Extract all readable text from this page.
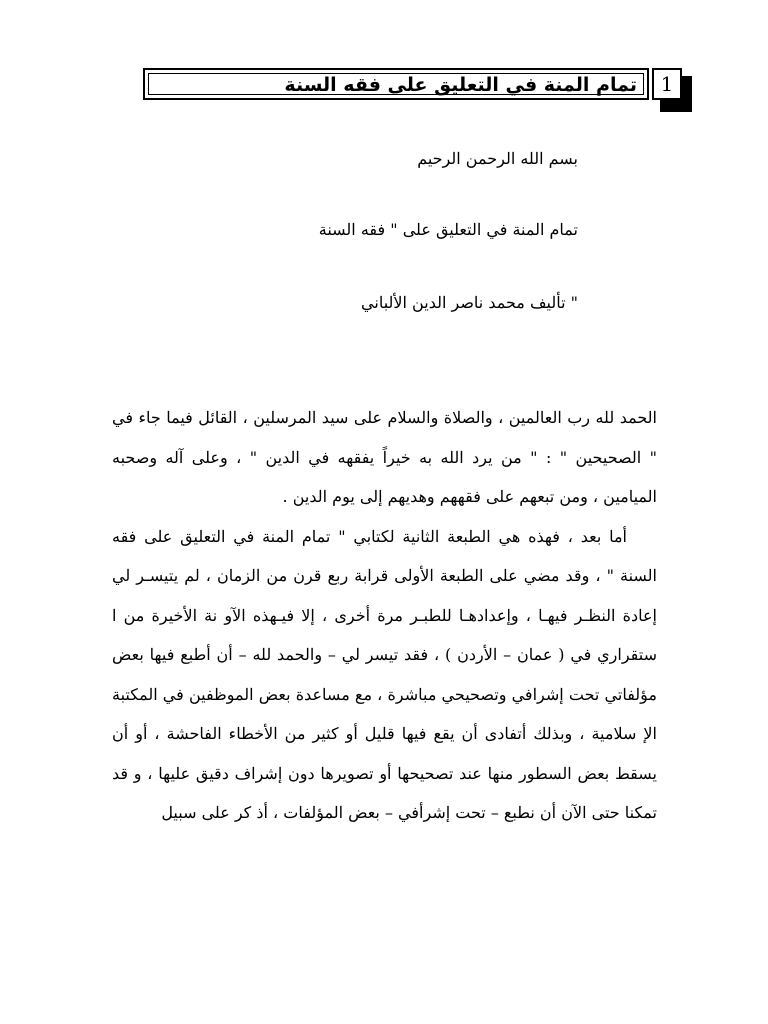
تمام المنة في التعليق على فقه السنة	1
بسم الله الرحمن الرحيم
تمام المنة في التعليق على " فقه السنة
" تأليف محمد ناصر الدين الألباني

الحمد لله رب العالمين ، والصلاة والسلام على سيد المرسلين ، القائل فيما جاء في " الصحيحين " : " من يرد الله به خيراً يفقهه في الدين " ، وعلى آله وصحبه الميامين ، ومن تبعهم على فقههم وهديهم إلى يوم الدين .

أما بعد ، فهذه هي الطبعة الثانية لكتابي " تمام المنة في التعليق على فقه السنة " ، وقد مضي على الطبعة الأولى قرابة ربع قرن من الزمان ، لم يتيسـر لي إعادة النظـر فيهـا ، وإعدادهـا للطبـر مرة أخرى ، إلا فيـهذه الآو نة الأخيرة من ا ستقراري في ( عمان – الأردن ) ، فقد تيسر لي – والحمد لله – أن أطبع فيها بعض مؤلفاتي تحت إشرافي وتصحيحي مباشرة ، مع مساعدة بعض الموظفين في المكتبة الإ سلامية ، وبذلك أتفادى أن يقع فيها قليل أو كثير من الأخطاء الفاحشة ، أو أن يسقط بعض السطور منها عند تصحيحها أو تصويرها دون إشراف دقيق عليها ، و قد تمكنا حتى الآن أن نطبع – تحت إشرأفي – بعض المؤلفات ، أذ كر على سبيل
